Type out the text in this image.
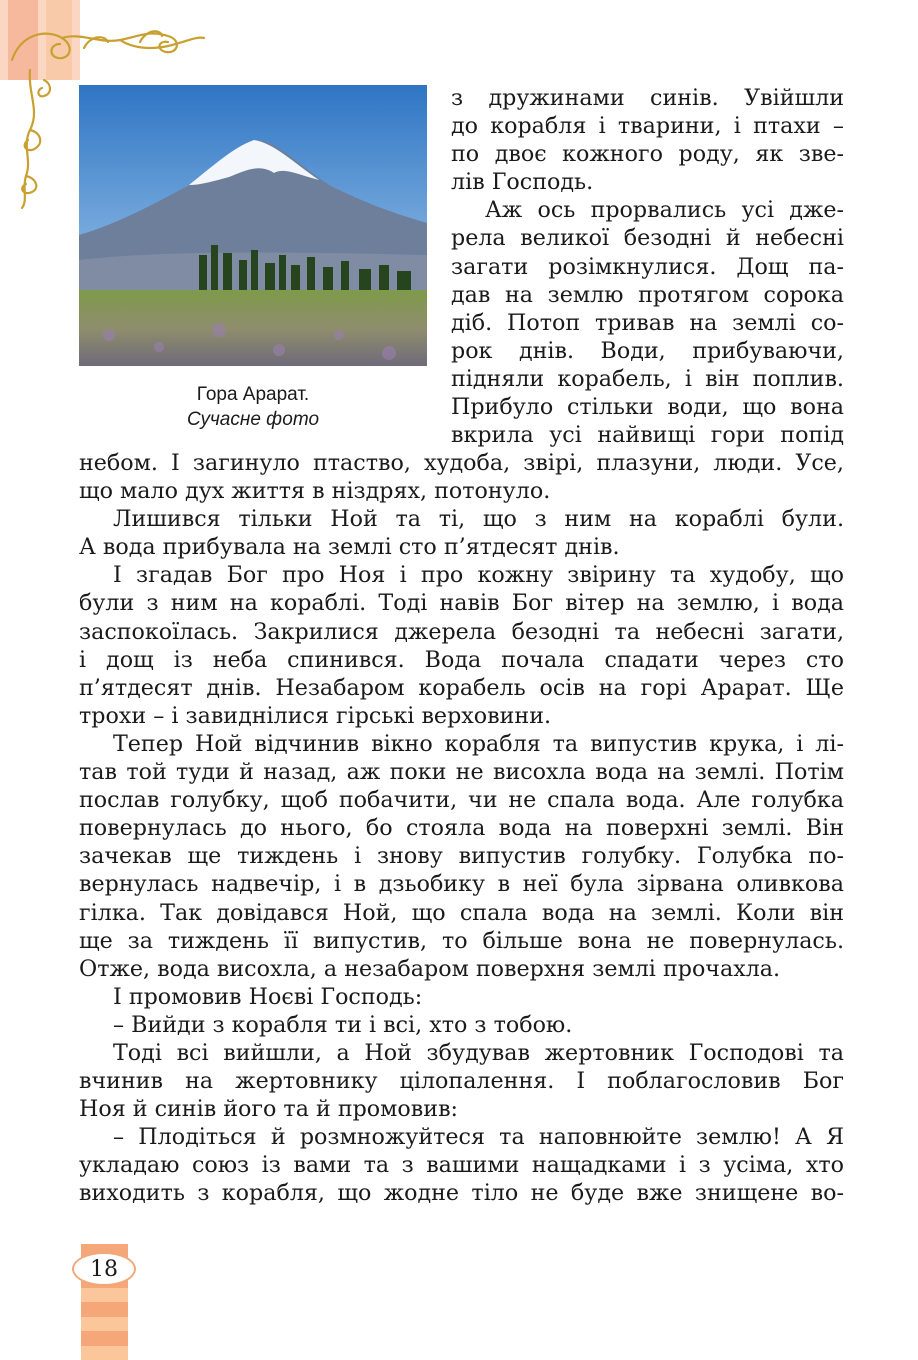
Гора Арарат.
Сучасне фото

з дружинами синів. Увійшли
до корабля і тварини, і птахи –
по двоє кожного роду, як зве-
лів Господь.

Аж ось прорвались усі дже-
рела великої безодні й небесні
загати розімкнулися. Дощ па-
дав на землю протягом сорока
діб. Потоп тривав на землі со-
рок днів. Води, прибуваючи,
підняли корабель, і він поплив.
Прибуло стільки води, що вона
вкрила усі найвищі гори попід

небом. І загинуло птаство, худоба, звірі, плазуни, люди. Усе,
що мало дух життя в ніздрях, потонуло.

Лишився тільки Ной та ті, що з ним на кораблі були.
А вода прибувала на землі сто п’ятдесят днів.

І згадав Бог про Ноя і про кожну звірину та худобу, що
були з ним на кораблі. Тоді навів Бог вітер на землю, і вода
заспокоїлась. Закрилися джерела безодні та небесні загати,
і дощ із неба спинився. Вода почала спадати через сто
п’ятдесят днів. Незабаром корабель осів на горі Арарат. Ще
трохи – і завиднілися гірські верховини.

Тепер Ной відчинив вікно корабля та випустив крука, і лі-
тав той туди й назад, аж поки не висохла вода на землі. Потім
послав голубку, щоб побачити, чи не спала вода. Але голубка
повернулась до нього, бо стояла вода на поверхні землі. Він
зачекав ще тиждень і знову випустив голубку. Голубка по-
вернулась надвечір, і в дзьобику в неї була зірвана оливкова
гілка. Так довідався Ной, що спала вода на землі. Коли він
ще за тиждень її випустив, то більше вона не повернулась.
Отже, вода висохла, а незабаром поверхня землі прочахла.

І промовив Ноєві Господь:

– Вийди з корабля ти і всі, хто з тобою.

Тоді всі вийшли, а Ной збудував жертовник Господові та
вчинив на жертовнику цілопалення. І поблагословив Бог
Ноя й синів його та й промовив:

– Плодіться й розмножуйтеся та наповнюйте землю! А Я
укладаю союз із вами та з вашими нащадками і з усіма, хто
виходить з корабля, що жодне тіло не буде вже знищене во-

18
